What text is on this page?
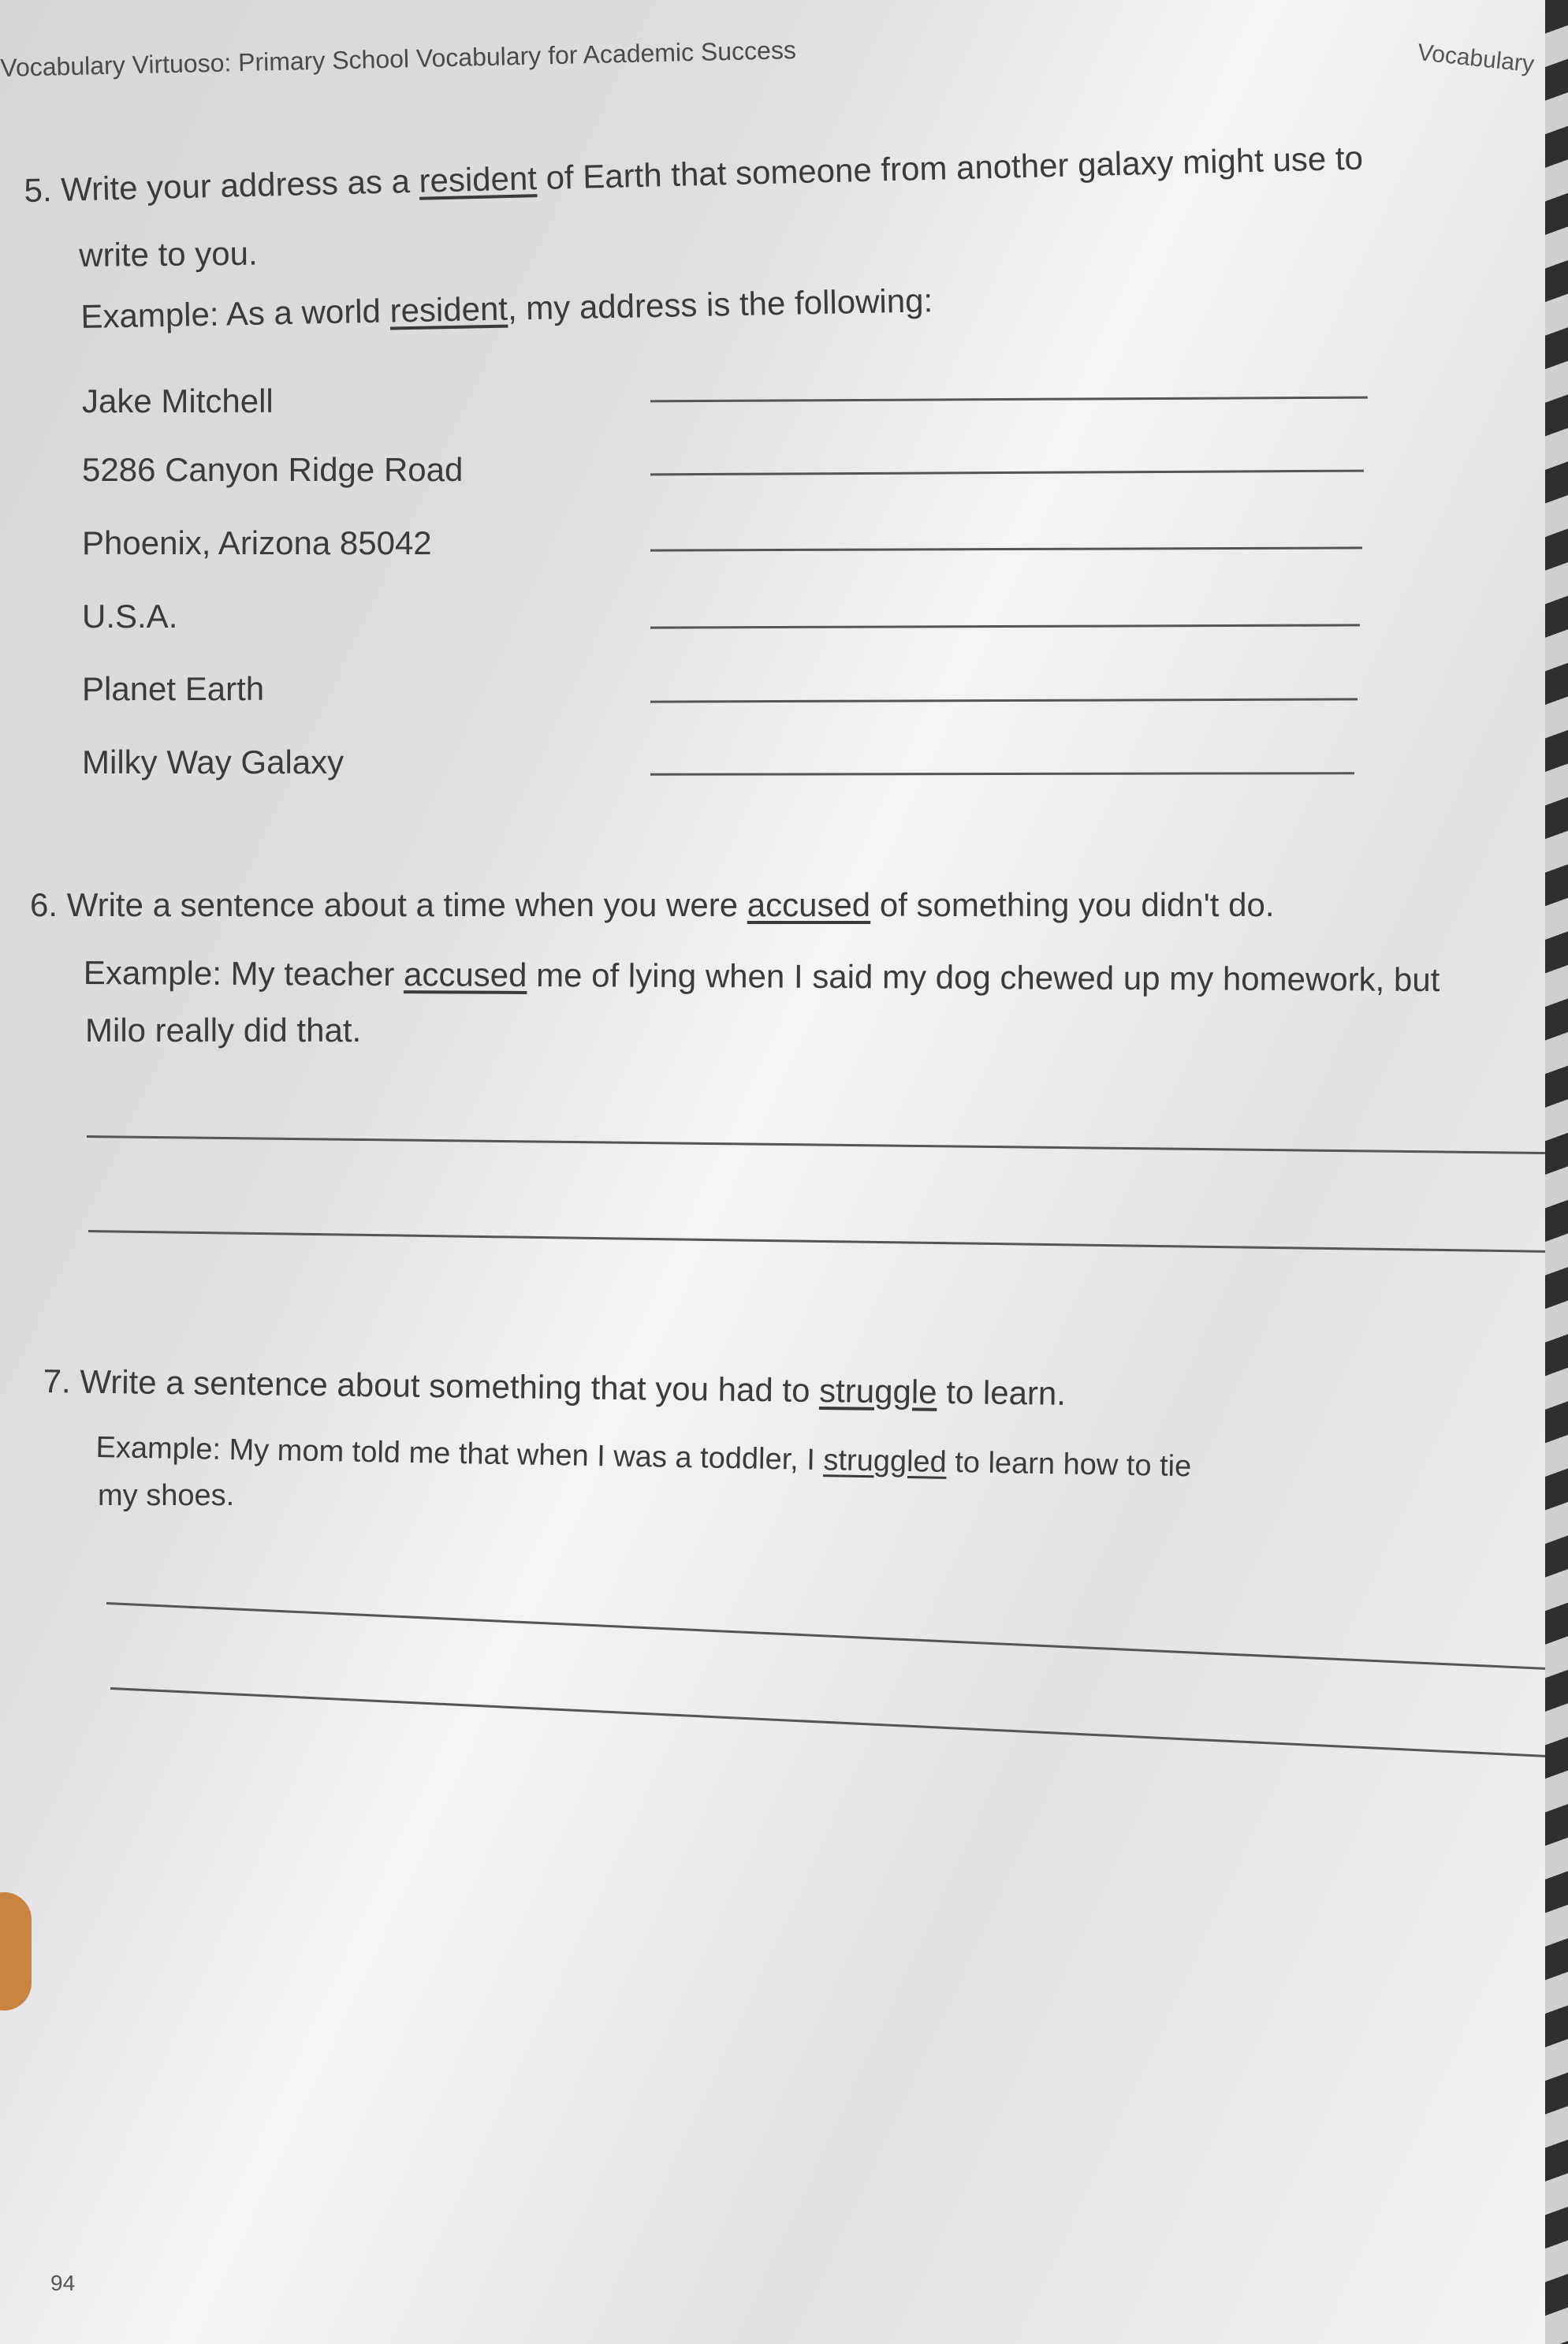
Vocabulary Virtuoso: Primary School Vocabulary for Academic Success	Vocabulary
5. Write your address as a resident of Earth that someone from another galaxy might use to
write to you.
Example: As a world resident, my address is the following:
Jake Mitchell
5286 Canyon Ridge Road
Phoenix, Arizona 85042
U.S.A.
Planet Earth
Milky Way Galaxy
6. Write a sentence about a time when you were accused of something you didn't do.
Example: My teacher accused me of lying when I said my dog chewed up my homework, but
Milo really did that.
7. Write a sentence about something that you had to struggle to learn.
Example: My mom told me that when I was a toddler, I struggled to learn how to tie
my shoes.
94
